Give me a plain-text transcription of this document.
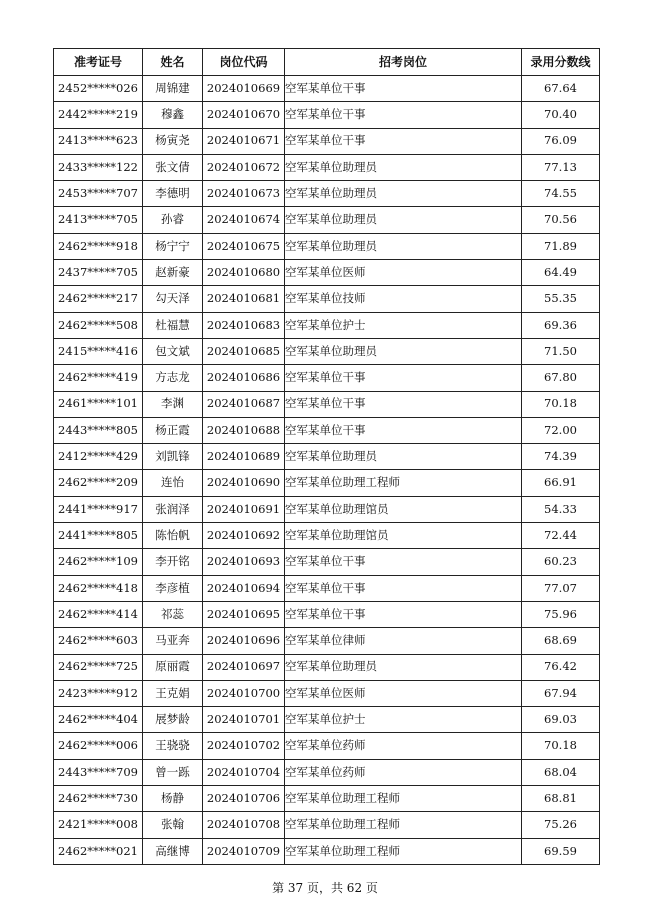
准考证号	姓名	岗位代码	招考岗位	录用分数线
2452*****026	周锦建	2024010669	空军某单位干事	67.64
2442*****219	穆鑫	2024010670	空军某单位干事	70.40
2413*****623	杨寅尧	2024010671	空军某单位干事	76.09
2433*****122	张文倩	2024010672	空军某单位助理员	77.13
2453*****707	李德明	2024010673	空军某单位助理员	74.55
2413*****705	孙睿	2024010674	空军某单位助理员	70.56
2462*****918	杨宁宁	2024010675	空军某单位助理员	71.89
2437*****705	赵新豪	2024010680	空军某单位医师	64.49
2462*****217	勾天泽	2024010681	空军某单位技师	55.35
2462*****508	杜福慧	2024010683	空军某单位护士	69.36
2415*****416	包文斌	2024010685	空军某单位助理员	71.50
2462*****419	方志龙	2024010686	空军某单位干事	67.80
2461*****101	李渊	2024010687	空军某单位干事	70.18
2443*****805	杨正霞	2024010688	空军某单位干事	72.00
2412*****429	刘凯锋	2024010689	空军某单位助理员	74.39
2462*****209	连怡	2024010690	空军某单位助理工程师	66.91
2441*****917	张润泽	2024010691	空军某单位助理馆员	54.33
2441*****805	陈怡帆	2024010692	空军某单位助理馆员	72.44
2462*****109	李开铭	2024010693	空军某单位干事	60.23
2462*****418	李彦植	2024010694	空军某单位干事	77.07
2462*****414	祁蕊	2024010695	空军某单位干事	75.96
2462*****603	马亚奔	2024010696	空军某单位律师	68.69
2462*****725	原丽霞	2024010697	空军某单位助理员	76.42
2423*****912	王克娟	2024010700	空军某单位医师	67.94
2462*****404	展梦龄	2024010701	空军某单位护士	69.03
2462*****006	王骁骁	2024010702	空军某单位药师	70.18
2443*****709	曾一跞	2024010704	空军某单位药师	68.04
2462*****730	杨静	2024010706	空军某单位助理工程师	68.81
2421*****008	张翰	2024010708	空军某单位助理工程师	75.26
2462*****021	高继博	2024010709	空军某单位助理工程师	69.59
第 37 页，共 62 页
